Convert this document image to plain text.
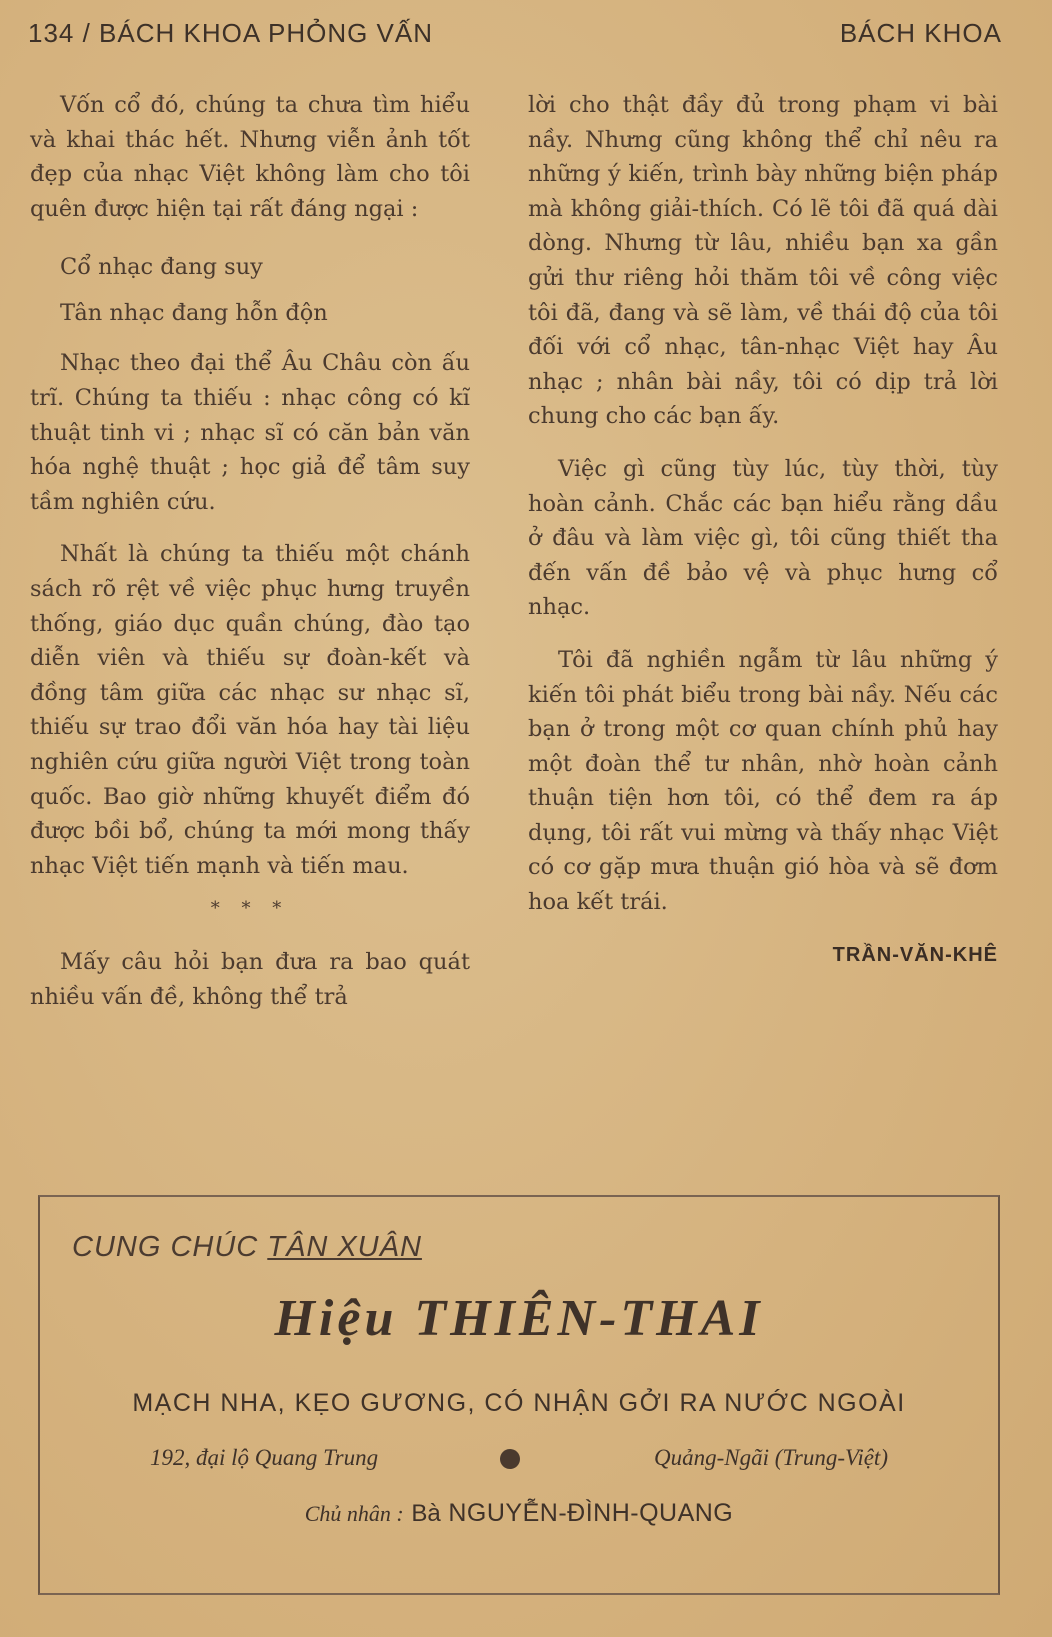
134 / BÁCH KHOA PHỎNG VẤN	BÁCH KHOA

Vốn cổ đó, chúng ta chưa tìm hiểu và khai thác hết. Nhưng viễn ảnh tốt đẹp của nhạc Việt không làm cho tôi quên được hiện tại rất đáng ngại :

Cổ nhạc đang suy

Tân nhạc đang hỗn độn

Nhạc theo đại thể Âu Châu còn ấu trĩ. Chúng ta thiếu : nhạc công có kĩ thuật tinh vi ; nhạc sĩ có căn bản văn hóa nghệ thuật ; học giả để tâm suy tầm nghiên cứu.

Nhất là chúng ta thiếu một chánh sách rõ rệt về việc phục hưng truyền thống, giáo dục quần chúng, đào tạo diễn viên và thiếu sự đoàn-kết và đồng tâm giữa các nhạc sư nhạc sĩ, thiếu sự trao đổi văn hóa hay tài liệu nghiên cứu giữa người Việt trong toàn quốc. Bao giờ những khuyết điểm đó được bồi bổ, chúng ta mới mong thấy nhạc Việt tiến mạnh và tiến mau.

* * *

Mấy câu hỏi bạn đưa ra bao quát nhiều vấn đề, không thể trả

lời cho thật đầy đủ trong phạm vi bài nầy. Nhưng cũng không thể chỉ nêu ra những ý kiến, trình bày những biện pháp mà không giải-thích. Có lẽ tôi đã quá dài dòng. Nhưng từ lâu, nhiều bạn xa gần gửi thư riêng hỏi thăm tôi về công việc tôi đã, đang và sẽ làm, về thái độ của tôi đối với cổ nhạc, tân-nhạc Việt hay Âu nhạc ; nhân bài nầy, tôi có dịp trả lời chung cho các bạn ấy.

Việc gì cũng tùy lúc, tùy thời, tùy hoàn cảnh. Chắc các bạn hiểu rằng dầu ở đâu và làm việc gì, tôi cũng thiết tha đến vấn đề bảo vệ và phục hưng cổ nhạc.

Tôi đã nghiền ngẫm từ lâu những ý kiến tôi phát biểu trong bài nầy. Nếu các bạn ở trong một cơ quan chính phủ hay một đoàn thể tư nhân, nhờ hoàn cảnh thuận tiện hơn tôi, có thể đem ra áp dụng, tôi rất vui mừng và thấy nhạc Việt có cơ gặp mưa thuận gió hòa và sẽ đơm hoa kết trái.

TRẦN-VĂN-KHÊ
CUNG CHÚC TÂN XUÂN
Hiệu THIÊN-THAI
MẠCH NHA, KẸO GƯƠNG, CÓ NHẬN GỞI RA NƯỚC NGOÀI
192, đại lộ Quang Trung	Quảng-Ngãi (Trung-Việt)
Chủ nhân : Bà NGUYỄN-ĐÌNH-QUANG
